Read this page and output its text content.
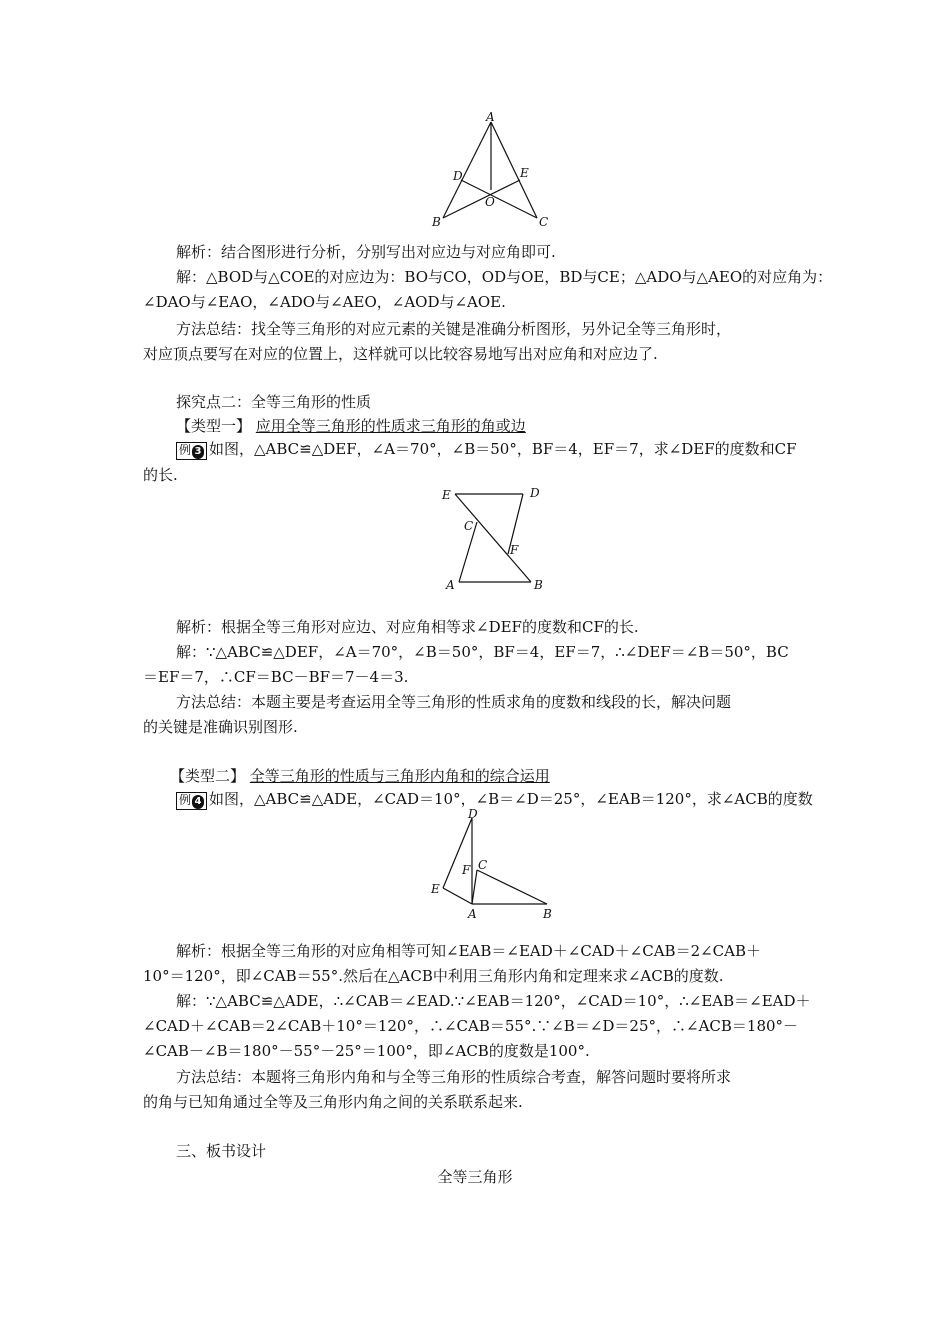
A
D	E
O
B	C
解析：结合图形进行分析，分别写出对应边与对应角即可.
解：△BOD与△COE的对应边为：BO与CO，OD与OE，BD与CE；△ADO与△AEO的对应角为：
∠DAO与∠EAO，∠ADO与∠AEO，∠AOD与∠AOE.
方法总结：找全等三角形的对应元素的关键是准确分析图形，另外记全等三角形时，
对应顶点要写在对应的位置上，这样就可以比较容易地写出对应角和对应边了.
探究点二：全等三角形的性质
【类型一】 应用全等三角形的性质求三角形的角或边
例 3 如图，△ABC≌△DEF，∠A＝70°，∠B＝50°，BF＝4，EF＝7，求∠DEF的度数和CF
的长.
E	D
C
F
A	B
解析：根据全等三角形对应边、对应角相等求∠DEF的度数和CF的长.
解：∵△ABC≌△DEF，∠A＝70°，∠B＝50°，BF＝4，EF＝7，∴∠DEF＝∠B＝50°，BC
＝EF＝7，∴CF＝BC－BF＝7－4＝3.
方法总结：本题主要是考查运用全等三角形的性质求角的度数和线段的长，解决问题
的关键是准确识别图形.
【类型二】 全等三角形的性质与三角形内角和的综合运用
例 4 如图，△ABC≌△ADE，∠CAD＝10°，∠B＝∠D＝25°，∠EAB＝120°，求∠ACB的度数
D
C
F
E
A	B
解析：根据全等三角形的对应角相等可知∠EAB＝∠EAD＋∠CAD＋∠CAB＝2∠CAB＋
10°＝120°，即∠CAB＝55°.然后在△ACB中利用三角形内角和定理来求∠ACB的度数.
解：∵△ABC≌△ADE，∴∠CAB＝∠EAD.∵∠EAB＝120°，∠CAD＝10°，∴∠EAB＝∠EAD＋
∠CAD＋∠CAB＝2∠CAB＋10°＝120°，∴∠CAB＝55°.∵∠B＝∠D＝25°，∴∠ACB＝180°－
∠CAB－∠B＝180°－55°－25°＝100°，即∠ACB的度数是100°.
方法总结：本题将三角形内角和与全等三角形的性质综合考查，解答问题时要将所求
的角与已知角通过全等及三角形内角之间的关系联系起来.
三、板书设计
全等三角形
